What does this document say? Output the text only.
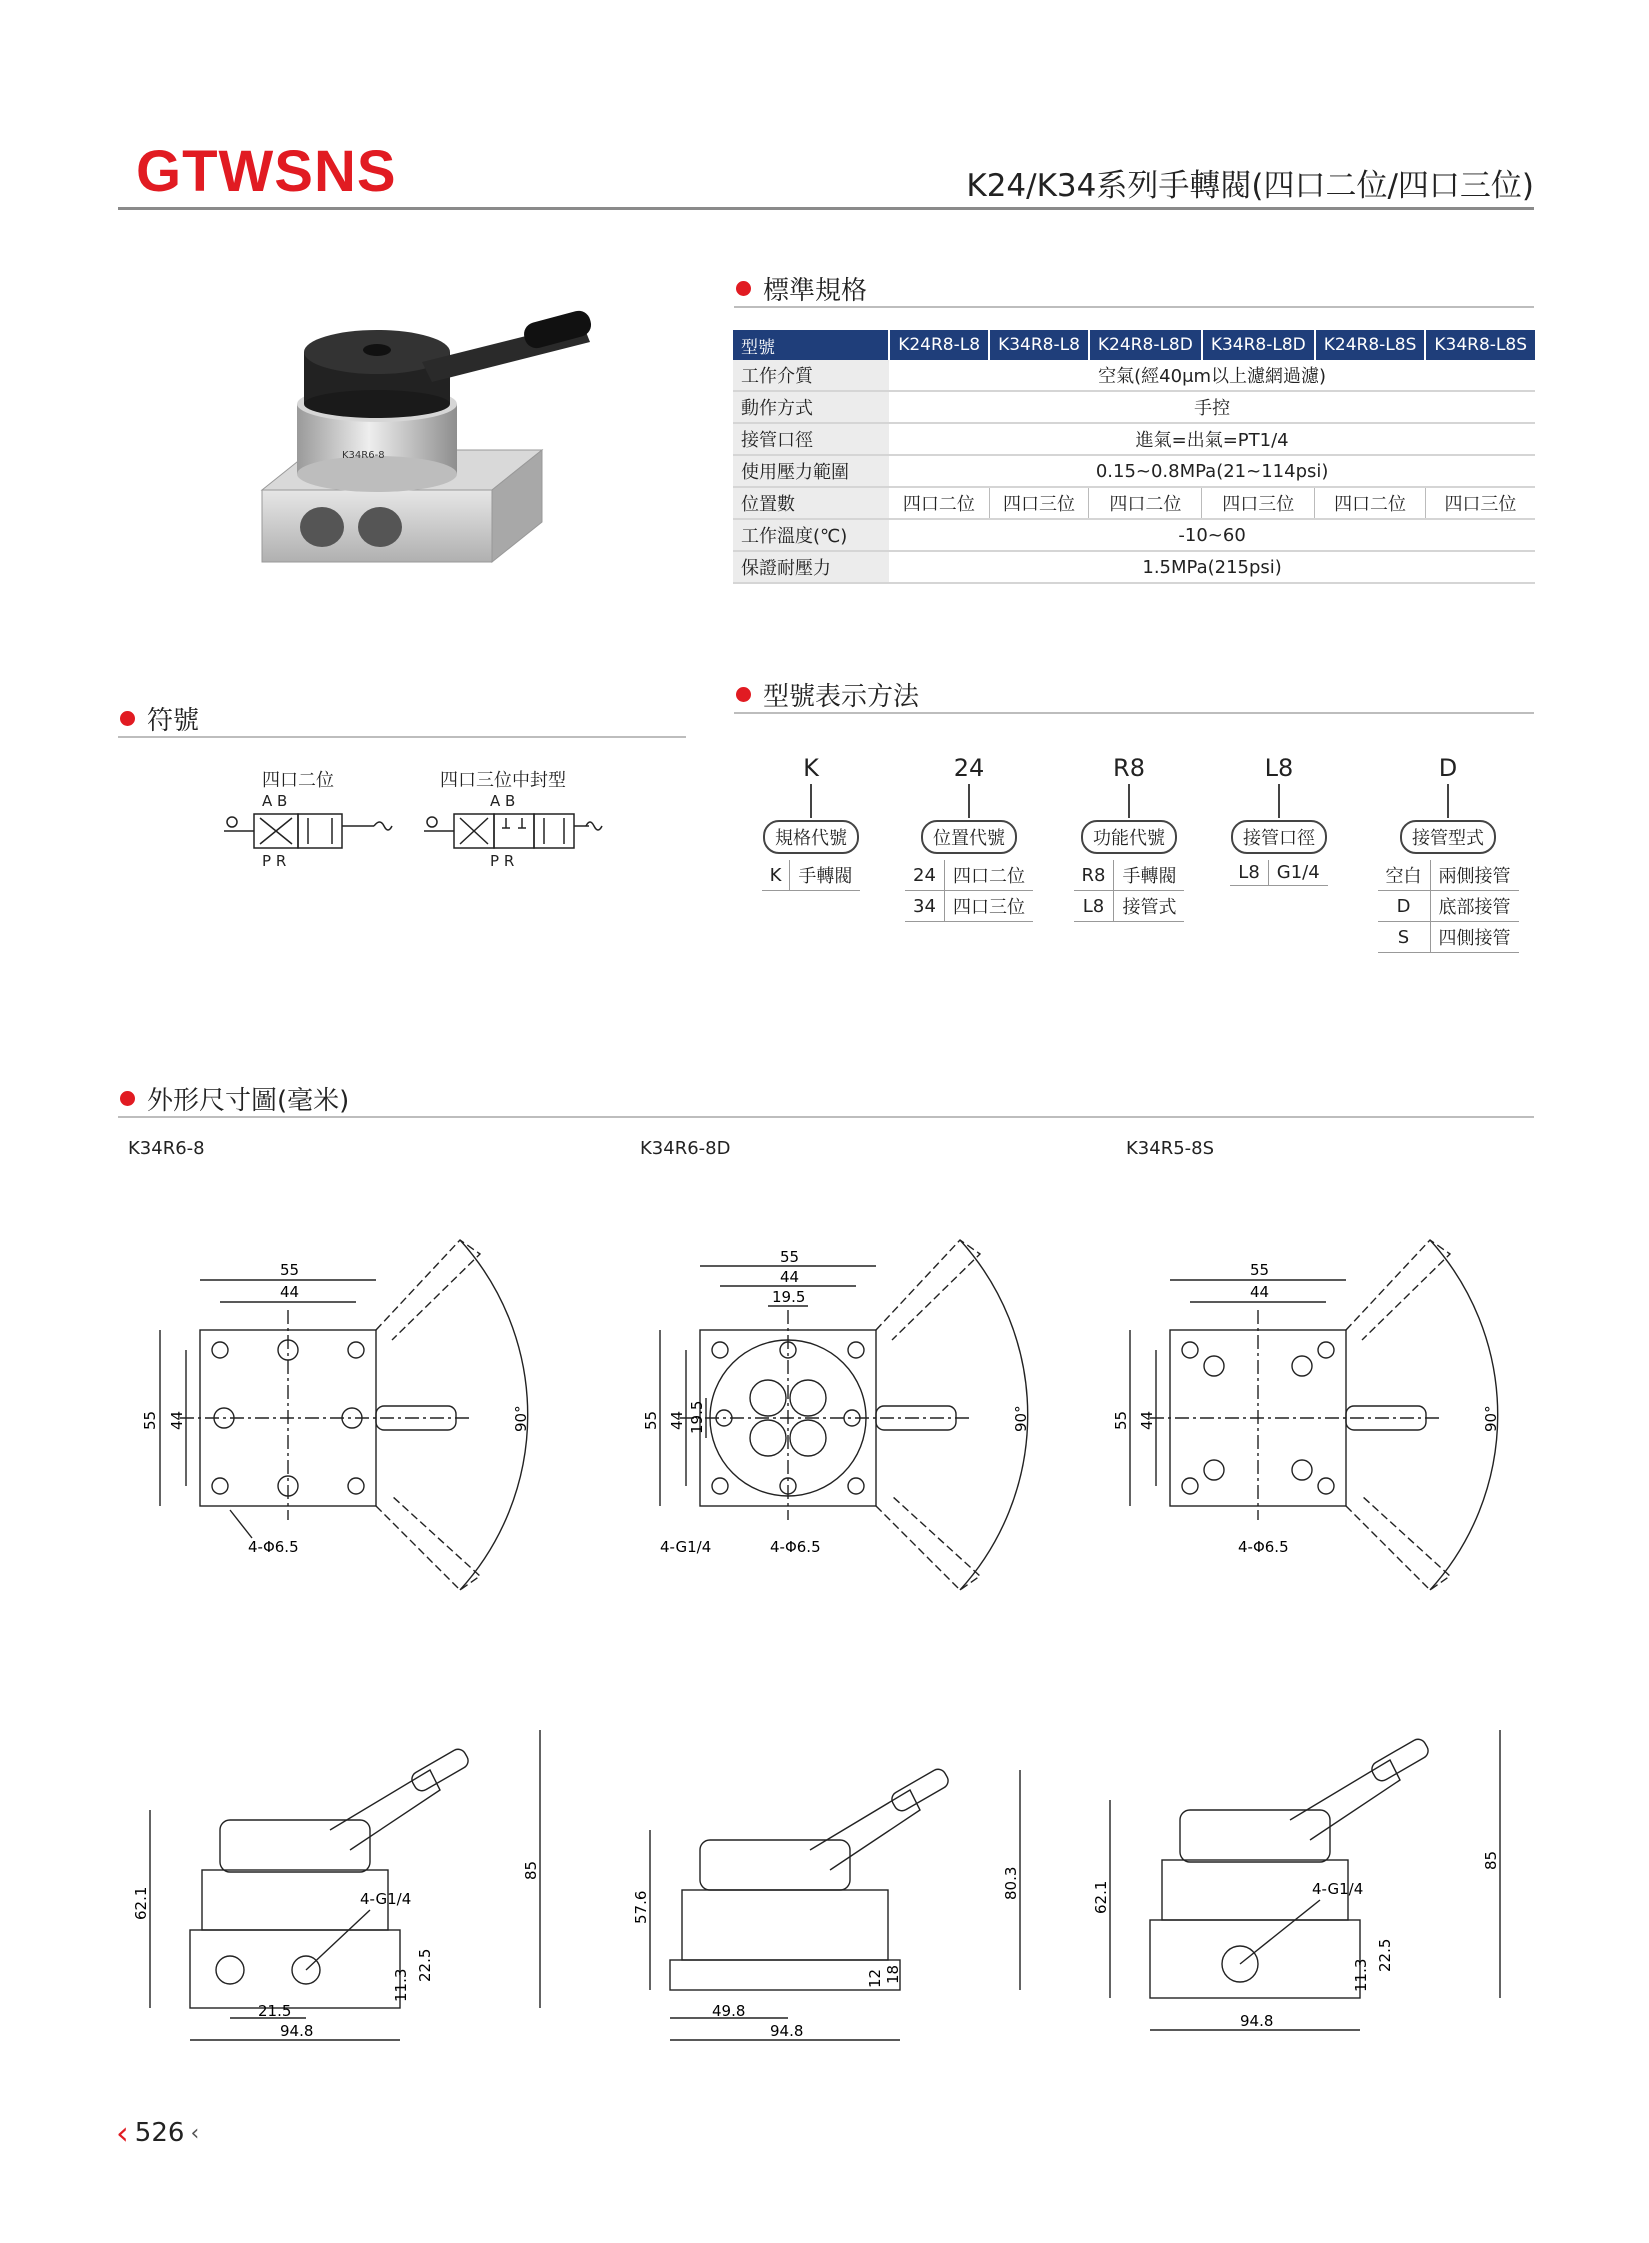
GTWSNS	K24/K34系列手轉閥(四口二位/四口三位)
K34R6-8
標準規格
型號	K24R8-L8	K34R8-L8	K24R8-L8D	K34R8-L8D	K24R8-L8S	K34R8-L8S
工作介質	空氣(經40μm以上濾網過濾)					
動作方式	手控					
接管口徑	進氣=出氣=PT1/4					
使用壓力範圍	0.15~0.8MPa(21~114psi)					
位置數	四口二位	四口三位	四口二位	四口三位	四口二位	四口三位
工作溫度(℃)	-10~60					
保證耐壓力	1.5MPa(215psi)					
符號
四口二位
A B
P R
四口三位中封型
A B
P R
型號表示方法
K
規格代號
K	手轉閥
24
位置代號
24	四口二位
34	四口三位
R8
功能代號
R8	手轉閥
L8	接管式
L8
接管口徑
L8	G1/4
D
接管型式
空白	兩側接管
D	底部接管
S	四側接管
外形尺寸圖(毫米)
K34R6-8	K34R6-8D	K34R5-8S
55
44
55 44	90°
4-Φ6.5
55
44
19.5
55 44 19.5	90°
4-G1/4	4-Φ6.5
55
44
55 44	90°
4-Φ6.5
62.1
85
4-G1/4
11.3
22.5
21.5
94.8
57.6
80.3
12 18
49.8
94.8
62.1
85
4-G1/4
11.3
22.5
94.8
‹ 526 ‹
